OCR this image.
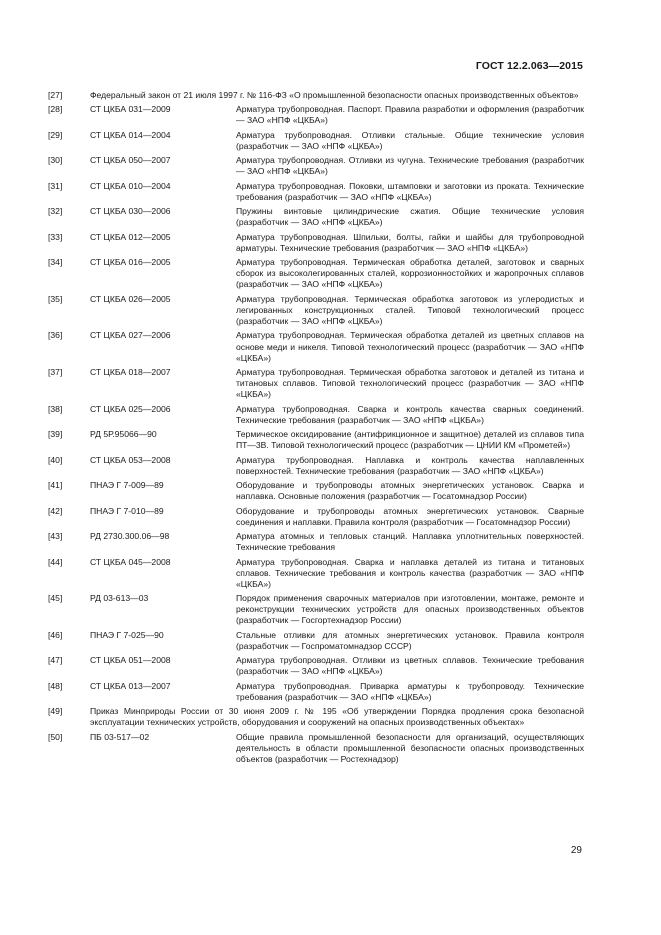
ГОСТ 12.2.063—2015
[27]	Федеральный закон от 21 июля 1997 г. № 116-ФЗ «О промышленной безопасности опасных производственных объектов»
[28]	СТ ЦКБА 031—2009	Арматура трубопроводная. Паспорт. Правила разработки и оформления (разработчик — ЗАО «НПФ «ЦКБА»)
[29]	СТ ЦКБА 014—2004	Арматура трубопроводная. Отливки стальные. Общие технические условия (разработчик — ЗАО «НПФ «ЦКБА»)
[30]	СТ ЦКБА 050—2007	Арматура трубопроводная. Отливки из чугуна. Технические требования (разработчик — ЗАО «НПФ «ЦКБА»)
[31]	СТ ЦКБА 010—2004	Арматура трубопроводная. Поковки, штамповки и заготовки из проката. Технические требования (разработчик — ЗАО «НПФ «ЦКБА»)
[32]	СТ ЦКБА 030—2006	Пружины винтовые цилиндрические сжатия. Общие технические условия (разработчик — ЗАО «НПФ «ЦКБА»)
[33]	СТ ЦКБА 012—2005	Арматура трубопроводная. Шпильки, болты, гайки и шайбы для трубопроводной арматуры. Технические требования (разработчик — ЗАО «НПФ «ЦКБА»)
[34]	СТ ЦКБА 016—2005	Арматура трубопроводная. Термическая обработка деталей, заготовок и сварных сборок из высоколегированных сталей, коррозионностойких и жаропрочных сплавов (разработчик — ЗАО «НПФ «ЦКБА»)
[35]	СТ ЦКБА 026—2005	Арматура трубопроводная. Термическая обработка заготовок из углеродистых и легированных конструкционных сталей. Типовой технологический процесс (разработчик — ЗАО «НПФ «ЦКБА»)
[36]	СТ ЦКБА 027—2006	Арматура трубопроводная. Термическая обработка деталей из цветных сплавов на основе меди и никеля. Типовой технологический процесс (разработчик — ЗАО «НПФ «ЦКБА»)
[37]	СТ ЦКБА 018—2007	Арматура трубопроводная. Термическая обработка заготовок и деталей из титана и титановых сплавов. Типовой технологический процесс (разработчик — ЗАО «НПФ «ЦКБА»)
[38]	СТ ЦКБА 025—2006	Арматура трубопроводная. Сварка и контроль качества сварных соединений. Технические требования (разработчик — ЗАО «НПФ «ЦКБА»)
[39]	РД 5Р.95066—90	Термическое оксидирование (антифрикционное и защитное) деталей из сплавов типа ПТ—3В. Типовой технологический процесс (разработчик — ЦНИИ КМ «Прометей»)
[40]	СТ ЦКБА 053—2008	Арматура трубопроводная. Наплавка и контроль качества наплавленных поверхностей. Технические требования (разработчик — ЗАО «НПФ «ЦКБА»)
[41]	ПНАЭ Г 7-009—89	Оборудование и трубопроводы атомных энергетических установок. Сварка и наплавка. Основные положения (разработчик — Госатомнадзор России)
[42]	ПНАЭ Г 7-010—89	Оборудование и трубопроводы атомных энергетических установок. Сварные соединения и наплавки. Правила контроля (разработчик — Госатомнадзор России)
[43]	РД 2730.300.06—98	Арматура атомных и тепловых станций. Наплавка уплотнительных поверхностей. Технические требования
[44]	СТ ЦКБА 045—2008	Арматура трубопроводная. Сварка и наплавка деталей из титана и титановых сплавов. Технические требования и контроль качества (разработчик — ЗАО «НПФ «ЦКБА»)
[45]	РД 03-613—03	Порядок применения сварочных материалов при изготовлении, монтаже, ремонте и реконструкции технических устройств для опасных производственных объектов (разработчик — Госгортехнадзор России)
[46]	ПНАЭ Г 7-025—90	Стальные отливки для атомных энергетических установок. Правила контроля (разработчик — Госпроматомнадзор СССР)
[47]	СТ ЦКБА 051—2008	Арматура трубопроводная. Отливки из цветных сплавов. Технические требования (разработчик — ЗАО «НПФ «ЦКБА»)
[48]	СТ ЦКБА 013—2007	Арматура трубопроводная. Приварка арматуры к трубопроводу. Технические требования (разработчик — ЗАО «НПФ «ЦКБА»)
[49]	Приказ Минприроды России от 30 июня 2009 г. № 195 «Об утверждении Порядка продления срока безопасной эксплуатации технических устройств, оборудования и сооружений на опасных производственных объектах»
[50]	ПБ 03-517—02	Общие правила промышленной безопасности для организаций, осуществляющих деятельность в области промышленной безопасности опасных производственных объектов (разработчик — Ростехнадзор)
29
